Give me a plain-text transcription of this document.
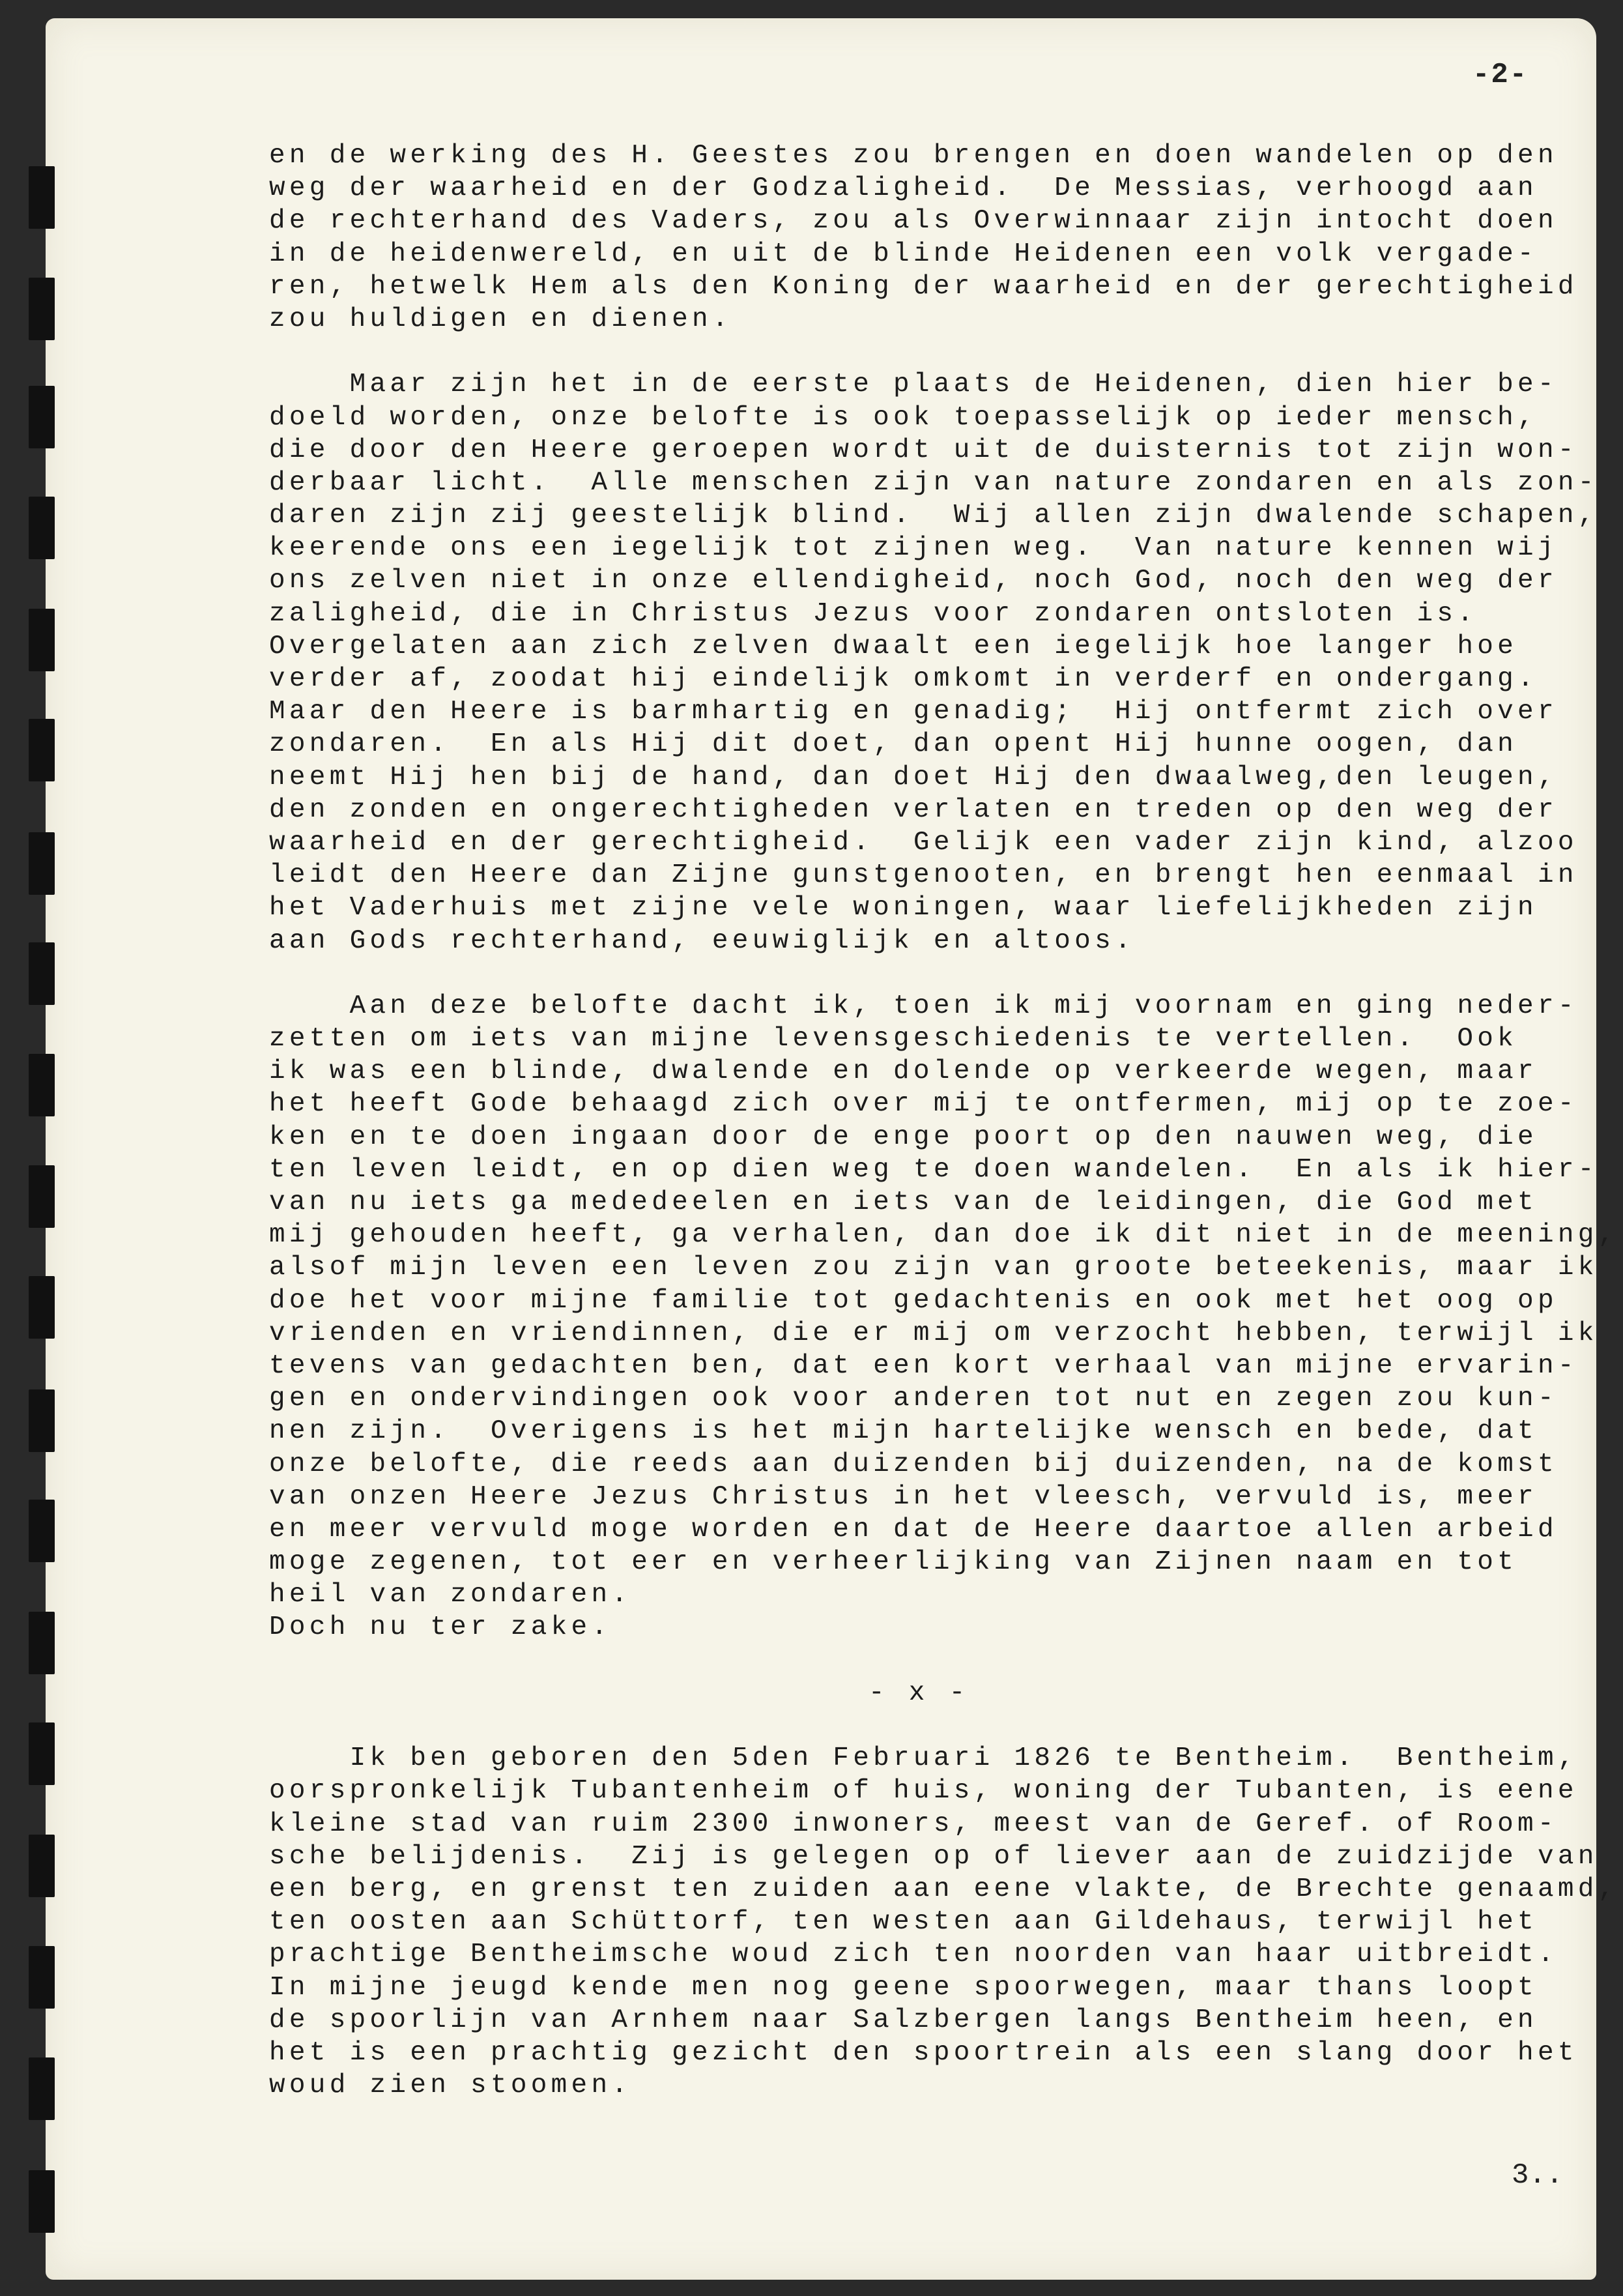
-2-
en de werking des H. Geestes zou brengen en doen wandelen op den
weg der waarheid en der Godzaligheid.  De Messias, verhoogd aan
de rechterhand des Vaders, zou als Overwinnaar zijn intocht doen
in de heidenwereld, en uit de blinde Heidenen een volk vergade-
ren, hetwelk Hem als den Koning der waarheid en der gerechtigheid
zou huldigen en dienen.
Maar zijn het in de eerste plaats de Heidenen, dien hier be-
doeld worden, onze belofte is ook toepasselijk op ieder mensch,
die door den Heere geroepen wordt uit de duisternis tot zijn won-
derbaar licht.  Alle menschen zijn van nature zondaren en als zon-
daren zijn zij geestelijk blind.  Wij allen zijn dwalende schapen,
keerende ons een iegelijk tot zijnen weg.  Van nature kennen wij
ons zelven niet in onze ellendigheid, noch God, noch den weg der
zaligheid, die in Christus Jezus voor zondaren ontsloten is.
Overgelaten aan zich zelven dwaalt een iegelijk hoe langer hoe
verder af, zoodat hij eindelijk omkomt in verderf en ondergang.
Maar den Heere is barmhartig en genadig;  Hij ontfermt zich over
zondaren.  En als Hij dit doet, dan opent Hij hunne oogen, dan
neemt Hij hen bij de hand, dan doet Hij den dwaalweg,den leugen,
den zonden en ongerechtigheden verlaten en treden op den weg der
waarheid en der gerechtigheid.  Gelijk een vader zijn kind, alzoo
leidt den Heere dan Zijne gunstgenooten, en brengt hen eenmaal in
het Vaderhuis met zijne vele woningen, waar liefelijkheden zijn
aan Gods rechterhand, eeuwiglijk en altoos.
Aan deze belofte dacht ik, toen ik mij voornam en ging neder-
zetten om iets van mijne levensgeschiedenis te vertellen.  Ook
ik was een blinde, dwalende en dolende op verkeerde wegen, maar
het heeft Gode behaagd zich over mij te ontfermen, mij op te zoe-
ken en te doen ingaan door de enge poort op den nauwen weg, die
ten leven leidt, en op dien weg te doen wandelen.  En als ik hier-
van nu iets ga mededeelen en iets van de leidingen, die God met
mij gehouden heeft, ga verhalen, dan doe ik dit niet in de meening,
alsof mijn leven een leven zou zijn van groote beteekenis, maar ik
doe het voor mijne familie tot gedachtenis en ook met het oog op
vrienden en vriendinnen, die er mij om verzocht hebben, terwijl ik
tevens van gedachten ben, dat een kort verhaal van mijne ervarin-
gen en ondervindingen ook voor anderen tot nut en zegen zou kun-
nen zijn.  Overigens is het mijn hartelijke wensch en bede, dat
onze belofte, die reeds aan duizenden bij duizenden, na de komst
van onzen Heere Jezus Christus in het vleesch, vervuld is, meer
en meer vervuld moge worden en dat de Heere daartoe allen arbeid
moge zegenen, tot eer en verheerlijking van Zijnen naam en tot
heil van zondaren.
Doch nu ter zake.
- x -
Ik ben geboren den 5den Februari 1826 te Bentheim.  Bentheim,
oorspronkelijk Tubantenheim of huis, woning der Tubanten, is eene
kleine stad van ruim 2300 inwoners, meest van de Geref. of Room-
sche belijdenis.  Zij is gelegen op of liever aan de zuidzijde van
een berg, en grenst ten zuiden aan eene vlakte, de Brechte genaamd,
ten oosten aan Schüttorf, ten westen aan Gildehaus, terwijl het
prachtige Bentheimsche woud zich ten noorden van haar uitbreidt.
In mijne jeugd kende men nog geene spoorwegen, maar thans loopt
de spoorlijn van Arnhem naar Salzbergen langs Bentheim heen, en
het is een prachtig gezicht den spoortrein als een slang door het
woud zien stoomen.
3..
